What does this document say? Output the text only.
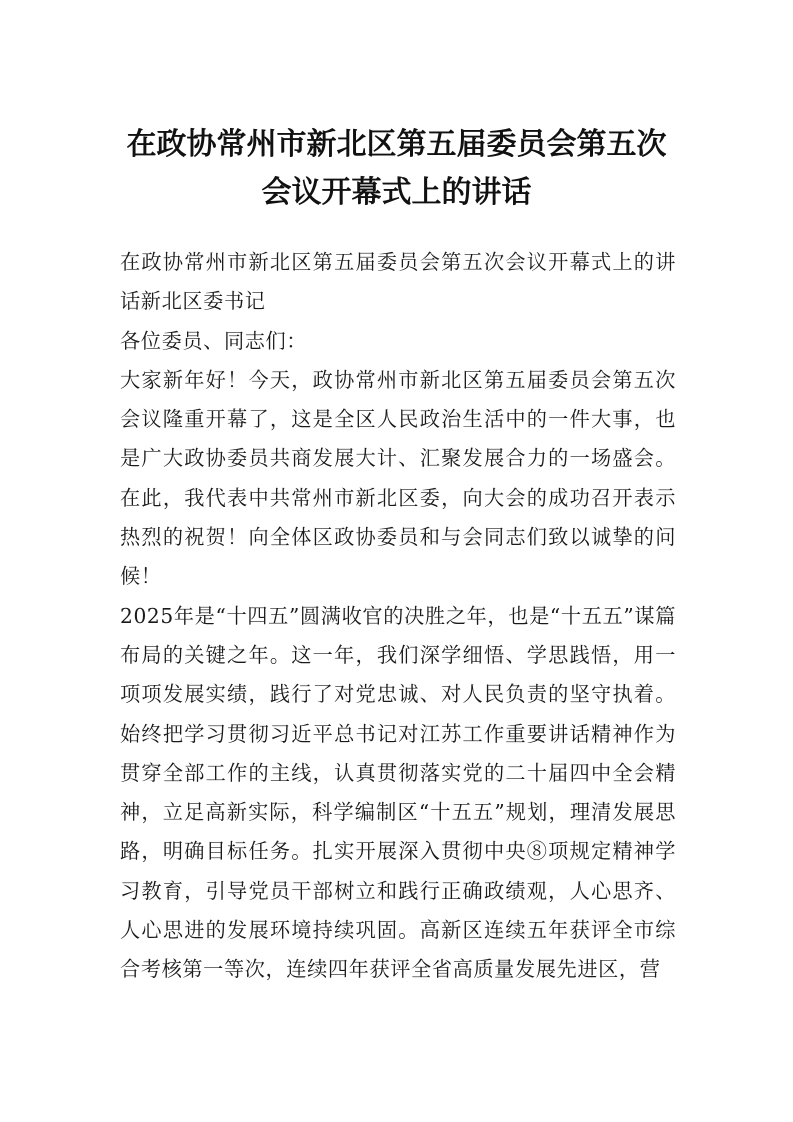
在政协常州市新北区第五届委员会第五次
会议开幕式上的讲话

在政协常州市新北区第五届委员会第五次会议开幕式上的讲话新北区委书记

各位委员、同志们：

大家新年好！今天，政协常州市新北区第五届委员会第五次会议隆重开幕了，这是全区人民政治生活中的一件大事，也是广大政协委员共商发展大计、汇聚发展合力的一场盛会。在此，我代表中共常州市新北区委，向大会的成功召开表示热烈的祝贺！向全体区政协委员和与会同志们致以诚挚的问候！

2025年是“十四五”圆满收官的决胜之年，也是“十五五”谋篇布局的关键之年。这一年，我们深学细悟、学思践悟，用一项项发展实绩，践行了对党忠诚、对人民负责的坚守执着。始终把学习贯彻习近平总书记对江苏工作重要讲话精神作为贯穿全部工作的主线，认真贯彻落实党的二十届四中全会精神，立足高新实际，科学编制区“十五五”规划，理清发展思路，明确目标任务。扎实开展深入贯彻中央⑧项规定精神学习教育，引导党员干部树立和践行正确政绩观，人心思齐、人心思进的发展环境持续巩固。高新区连续五年获评全市综合考核第一等次，连续四年获评全省高质量发展先进区，营
